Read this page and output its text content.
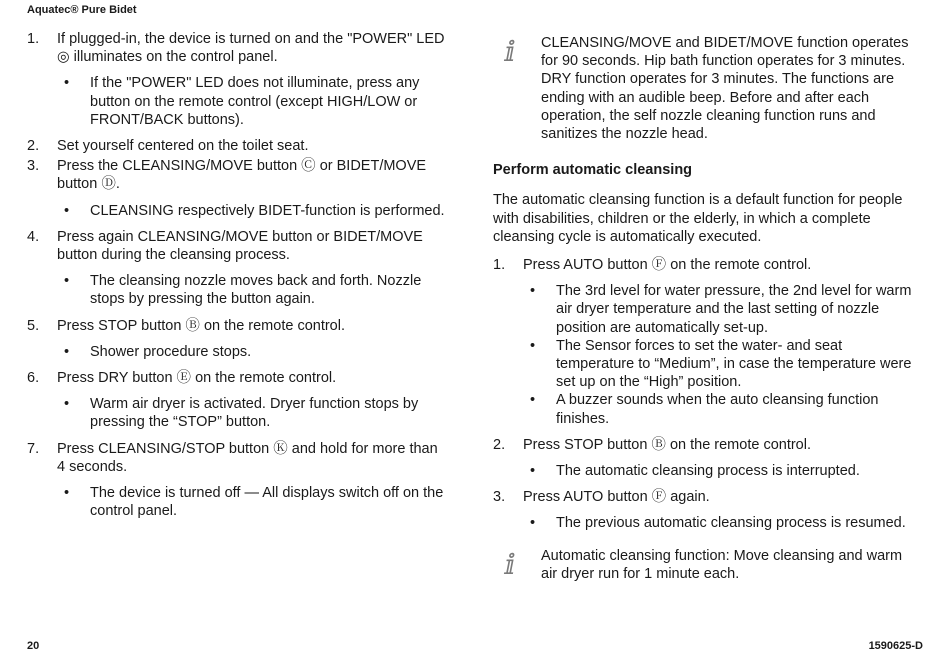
Aquatec® Pure Bidet
1.	If plugged-in, the device is turned on and the "POWER" LED ◎ illuminates on the control panel.
• If the "POWER" LED does not illuminate, press any button on the remote control (except HIGH/LOW or FRONT/BACK buttons).
2.	Set yourself centered on the toilet seat.
3.	Press the CLEANSING/MOVE button Ⓒ or BIDET/MOVE button Ⓓ.
• CLEANSING respectively BIDET-function is performed.
4.	Press again CLEANSING/MOVE button or BIDET/MOVE button during the cleansing process.
• The cleansing nozzle moves back and forth. Nozzle stops by pressing the button again.
5.	Press STOP button Ⓑ on the remote control.
• Shower procedure stops.
6.	Press DRY button Ⓔ on the remote control.
• Warm air dryer is activated. Dryer function stops by pressing the “STOP” button.
7.	Press CLEANSING/STOP button Ⓚ and hold for more than 4 seconds.
• The device is turned off — All displays switch off on the control panel.
ⅈ	CLEANSING/MOVE and BIDET/MOVE function operates for 90 seconds. Hip bath function operates for 3 minutes. DRY function operates for 3 minutes. The functions are ending with an audible beep. Before and after each operation, the self nozzle cleaning function runs and sanitizes the nozzle head.
Perform automatic cleansing
The automatic cleansing function is a default function for people with disabilities, children or the elderly, in which a complete cleansing cycle is automatically executed.
1.	Press AUTO button Ⓕ on the remote control.
• The 3rd level for water pressure, the 2nd level for warm air dryer temperature and the last setting of nozzle position are automatically set-up.
• The Sensor forces to set the water- and seat temperature to “Medium”, in case the temperature were set up on the “High” position.
• A buzzer sounds when the auto cleansing function finishes.
2.	Press STOP button Ⓑ on the remote control.
• The automatic cleansing process is interrupted.
3.	Press AUTO button Ⓕ again.
• The previous automatic cleansing process is resumed.
ⅈ	Automatic cleansing function: Move cleansing and warm air dryer run for 1 minute each.
20	1590625-D
